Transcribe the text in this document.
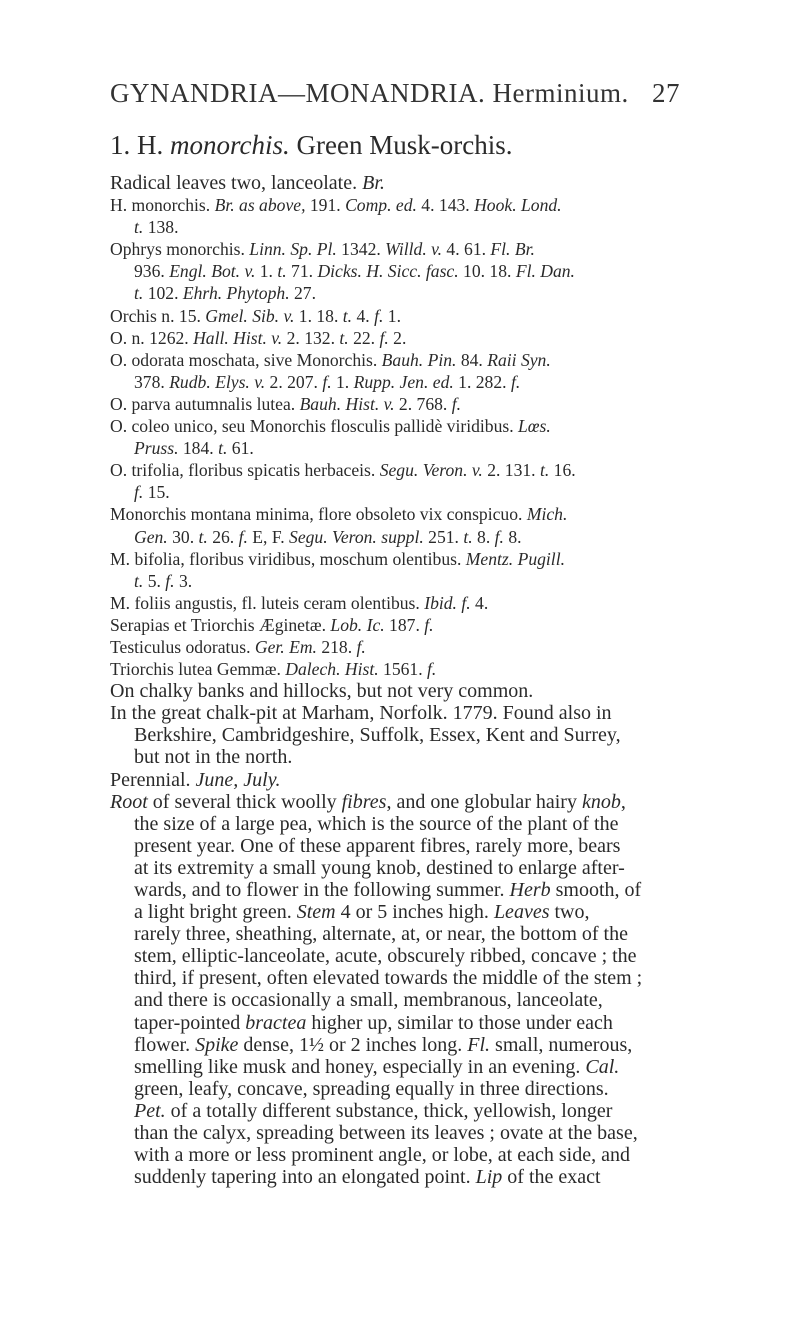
GYNANDRIA—MONANDRIA. Herminium. 27
1. H. monorchis. Green Musk-orchis.
Radical leaves two, lanceolate. Br.
H. monorchis. Br. as above, 191. Comp. ed. 4. 143. Hook. Lond.
t. 138.
Ophrys monorchis. Linn. Sp. Pl. 1342. Willd. v. 4. 61. Fl. Br.
936. Engl. Bot. v. 1. t. 71. Dicks. H. Sicc. fasc. 10. 18. Fl. Dan.
t. 102. Ehrh. Phytoph. 27.
Orchis n. 15. Gmel. Sib. v. 1. 18. t. 4. f. 1.
O. n. 1262. Hall. Hist. v. 2. 132. t. 22. f. 2.
O. odorata moschata, sive Monorchis. Bauh. Pin. 84. Raii Syn.
378. Rudb. Elys. v. 2. 207. f. 1. Rupp. Jen. ed. 1. 282. f.
O. parva autumnalis lutea. Bauh. Hist. v. 2. 768. f.
O. coleo unico, seu Monorchis flosculis pallidè viridibus. Lœs.
Pruss. 184. t. 61.
O. trifolia, floribus spicatis herbaceis. Segu. Veron. v. 2. 131. t. 16.
f. 15.
Monorchis montana minima, flore obsoleto vix conspicuo. Mich.
Gen. 30. t. 26. f. E, F. Segu. Veron. suppl. 251. t. 8. f. 8.
M. bifolia, floribus viridibus, moschum olentibus. Mentz. Pugill.
t. 5. f. 3.
M. foliis angustis, fl. luteis ceram olentibus. Ibid. f. 4.
Serapias et Triorchis Æginetæ. Lob. Ic. 187. f.
Testiculus odoratus. Ger. Em. 218. f.
Triorchis lutea Gemmæ. Dalech. Hist. 1561. f.
On chalky banks and hillocks, but not very common.
In the great chalk-pit at Marham, Norfolk. 1779. Found also in
Berkshire, Cambridgeshire, Suffolk, Essex, Kent and Surrey,
but not in the north.
Perennial. June, July.
Root of several thick woolly fibres, and one globular hairy knob,
the size of a large pea, which is the source of the plant of the
present year. One of these apparent fibres, rarely more, bears
at its extremity a small young knob, destined to enlarge after-
wards, and to flower in the following summer. Herb smooth, of
a light bright green. Stem 4 or 5 inches high. Leaves two,
rarely three, sheathing, alternate, at, or near, the bottom of the
stem, elliptic-lanceolate, acute, obscurely ribbed, concave ; the
third, if present, often elevated towards the middle of the stem ;
and there is occasionally a small, membranous, lanceolate,
taper-pointed bractea higher up, similar to those under each
flower. Spike dense, 1½ or 2 inches long. Fl. small, numerous,
smelling like musk and honey, especially in an evening. Cal.
green, leafy, concave, spreading equally in three directions.
Pet. of a totally different substance, thick, yellowish, longer
than the calyx, spreading between its leaves ; ovate at the base,
with a more or less prominent angle, or lobe, at each side, and
suddenly tapering into an elongated point. Lip of the exact
